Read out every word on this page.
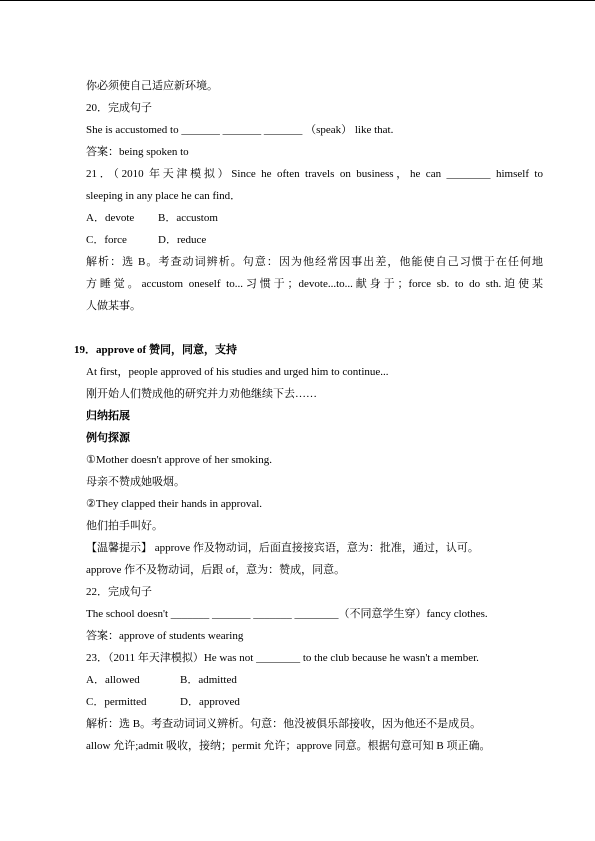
你必须使自己适应新环境。
20．完成句子
She is accustomed to _______ _______ _______ （speak） like that.
答案：being spoken to
21．（2010 年天津模拟）Since he often travels on business，he can ________ himself to
sleeping in any place he can find．
A．devote B．accustom
C．force	D．reduce
解析：选 B。考查动词辨析。句意：因为他经常因事出差，他能使自己习惯于在任何地
方睡觉。accustom oneself to...习惯于；devote...to...献身于；force sb. to do sth.迫使某
人做某事。
19．approve of 赞同，同意，支持
At first，people approved of his studies and urged him to continue...
刚开始人们赞成他的研究并力劝他继续下去……
归纳拓展
例句探源
①Mother doesn't approve of her smoking.
母亲不赞成她吸烟。
②They clapped their hands in approval.
他们拍手叫好。
【温馨提示】 approve 作及物动词，后面直接接宾语，意为：批准，通过，认可。
approve 作不及物动词，后跟 of，意为：赞成，同意。
22．完成句子
The school doesn't _______ _______ _______ ________（不同意学生穿）fancy clothes.
答案：approve of students wearing
23．（2011 年天津模拟）He was not ________ to the club because he wasn't a member.
A．allowed	B．admitted
C．permitted	D．approved
解析：选 B。考查动词词义辨析。句意：他没被俱乐部接收，因为他还不是成员。
allow 允许;admit 吸收，接纳；permit 允许；approve 同意。根据句意可知 B 项正确。
